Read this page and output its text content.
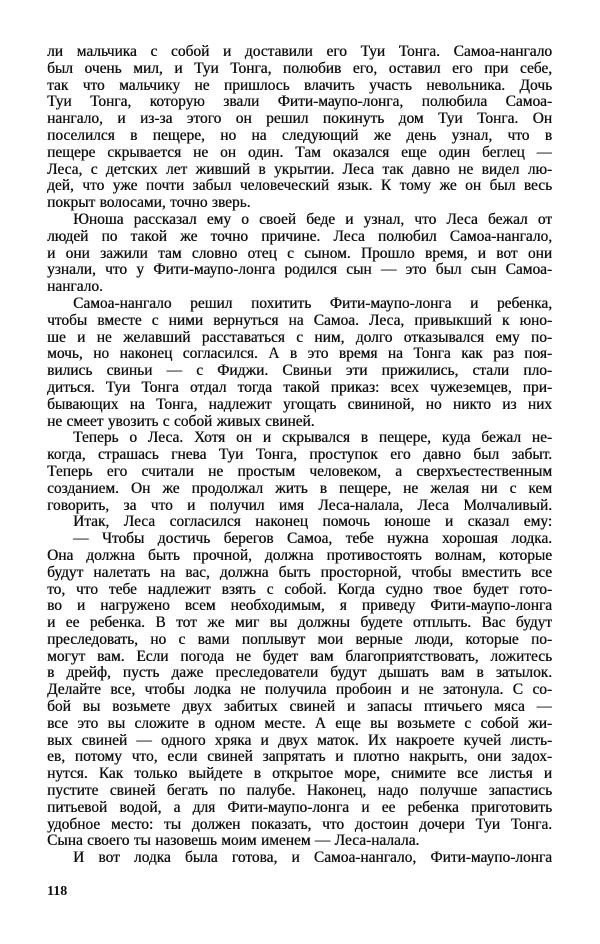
ли мальчика с собой и доставили его Туи Тонга. Самоа-нангало
был очень мил, и Туи Тонга, полюбив его, оставил его при себе,
так что мальчику не пришлось влачить участь невольника. Дочь
Туи Тонга, которую звали Фити-маупо-лонга, полюбила Самоа-
нангало, и из-за этого он решил покинуть дом Туи Тонга. Он
поселился в пещере, но на следующий же день узнал, что в
пещере скрывается не он один. Там оказался еще один беглец —
Леса, с детских лет живший в укрытии. Леса так давно не видел лю-
дей, что уже почти забыл человеческий язык. К тому же он был весь
покрыт волосами, точно зверь.
Юноша рассказал ему о своей беде и узнал, что Леса бежал от
людей по такой же точно причине. Леса полюбил Самоа-нангало,
и они зажили там словно отец с сыном. Прошло время, и вот они
узнали, что у Фити-маупо-лонга родился сын — это был сын Самоа-
нангало.
Самоа-нангало решил похитить Фити-маупо-лонга и ребенка,
чтобы вместе с ними вернуться на Самоа. Леса, привыкший к юно-
ше и не желавший расставаться с ним, долго отказывался ему по-
мочь, но наконец согласился. А в это время на Тонга как раз поя-
вились свиньи — с Фиджи. Свиньи эти прижились, стали пло-
диться. Туи Тонга отдал тогда такой приказ: всех чужеземцев, при-
бывающих на Тонга, надлежит угощать свининой, но никто из них
не смеет увозить с собой живых свиней.
Теперь о Леса. Хотя он и скрывался в пещере, куда бежал не-
когда, страшась гнева Туи Тонга, проступок его давно был забыт.
Теперь его считали не простым человеком, а сверхъестественным
созданием. Он же продолжал жить в пещере, не желая ни с кем
говорить, за что и получил имя Леса-налала, Леса Молчаливый.
Итак, Леса согласился наконец помочь юноше и сказал ему:
— Чтобы достичь берегов Самоа, тебе нужна хорошая лодка.
Она должна быть прочной, должна противостоять волнам, которые
будут налетать на вас, должна быть просторной, чтобы вместить все
то, что тебе надлежит взять с собой. Когда судно твое будет гото-
во и нагружено всем необходимым, я приведу Фити-маупо-лонга
и ее ребенка. В тот же миг вы должны будете отплыть. Вас будут
преследовать, но с вами поплывут мои верные люди, которые по-
могут вам. Если погода не будет вам благоприятствовать, ложитесь
в дрейф, пусть даже преследователи будут дышать вам в затылок.
Делайте все, чтобы лодка не получила пробоин и не затонула. С со-
бой вы возьмете двух забитых свиней и запасы птичьего мяса —
все это вы сложите в одном месте. А еще вы возьмете с собой жи-
вых свиней — одного хряка и двух маток. Их накроете кучей листь-
ев, потому что, если свиней запрятать и плотно накрыть, они задох-
нутся. Как только выйдете в открытое море, снимите все листья и
пустите свиней бегать по палубе. Наконец, надо получше запастись
питьевой водой, а для Фити-маупо-лонга и ее ребенка приготовить
удобное место: ты должен показать, что достоин дочери Туи Тонга.
Сына своего ты назовешь моим именем — Леса-налала.
И вот лодка была готова, и Самоа-нангало, Фити-маупо-лонга
118
